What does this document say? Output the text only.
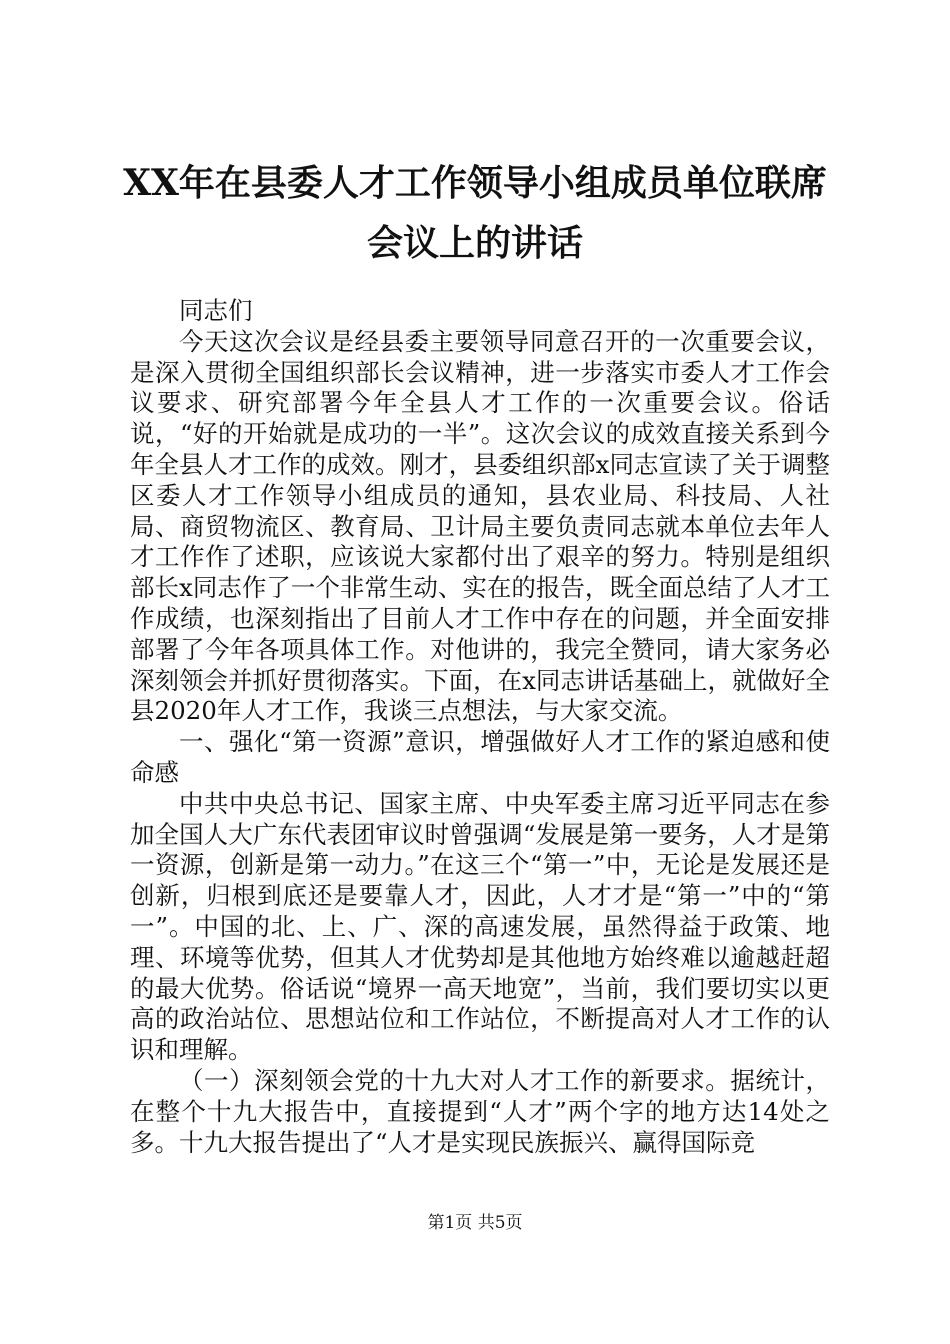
XX年在县委人才工作领导小组成员单位联席
会议上的讲话

同志们

今天这次会议是经县委主要领导同意召开的一次重要会议，是深入贯彻全国组织部长会议精神，进一步落实市委人才工作会议要求、研究部署今年全县人才工作的一次重要会议。俗话说，“好的开始就是成功的一半”。这次会议的成效直接关系到今年全县人才工作的成效。刚才，县委组织部x同志宣读了关于调整区委人才工作领导小组成员的通知，县农业局、科技局、人社局、商贸物流区、教育局、卫计局主要负责同志就本单位去年人才工作作了述职，应该说大家都付出了艰辛的努力。特别是组织部长x同志作了一个非常生动、实在的报告，既全面总结了人才工作成绩，也深刻指出了目前人才工作中存在的问题，并全面安排部署了今年各项具体工作。对他讲的，我完全赞同，请大家务必深刻领会并抓好贯彻落实。下面，在x同志讲话基础上，就做好全县2020年人才工作，我谈三点想法，与大家交流。

一、强化“第一资源”意识，增强做好人才工作的紧迫感和使命感

中共中央总书记、国家主席、中央军委主席习近平同志在参加全国人大广东代表团审议时曾强调“发展是第一要务，人才是第一资源，创新是第一动力。”在这三个“第一”中，无论是发展还是创新，归根到底还是要靠人才，因此，人才才是“第一”中的“第一”。中国的北、上、广、深的高速发展，虽然得益于政策、地理、环境等优势，但其人才优势却是其他地方始终难以逾越赶超的最大优势。俗话说“境界一高天地宽”，当前，我们要切实以更高的政治站位、思想站位和工作站位，不断提高对人才工作的认识和理解。

（一）深刻领会党的十九大对人才工作的新要求。据统计，在整个十九大报告中，直接提到“人才”两个字的地方达14处之多。十九大报告提出了“人才是实现民族振兴、赢得国际竞

第1页 共5页
